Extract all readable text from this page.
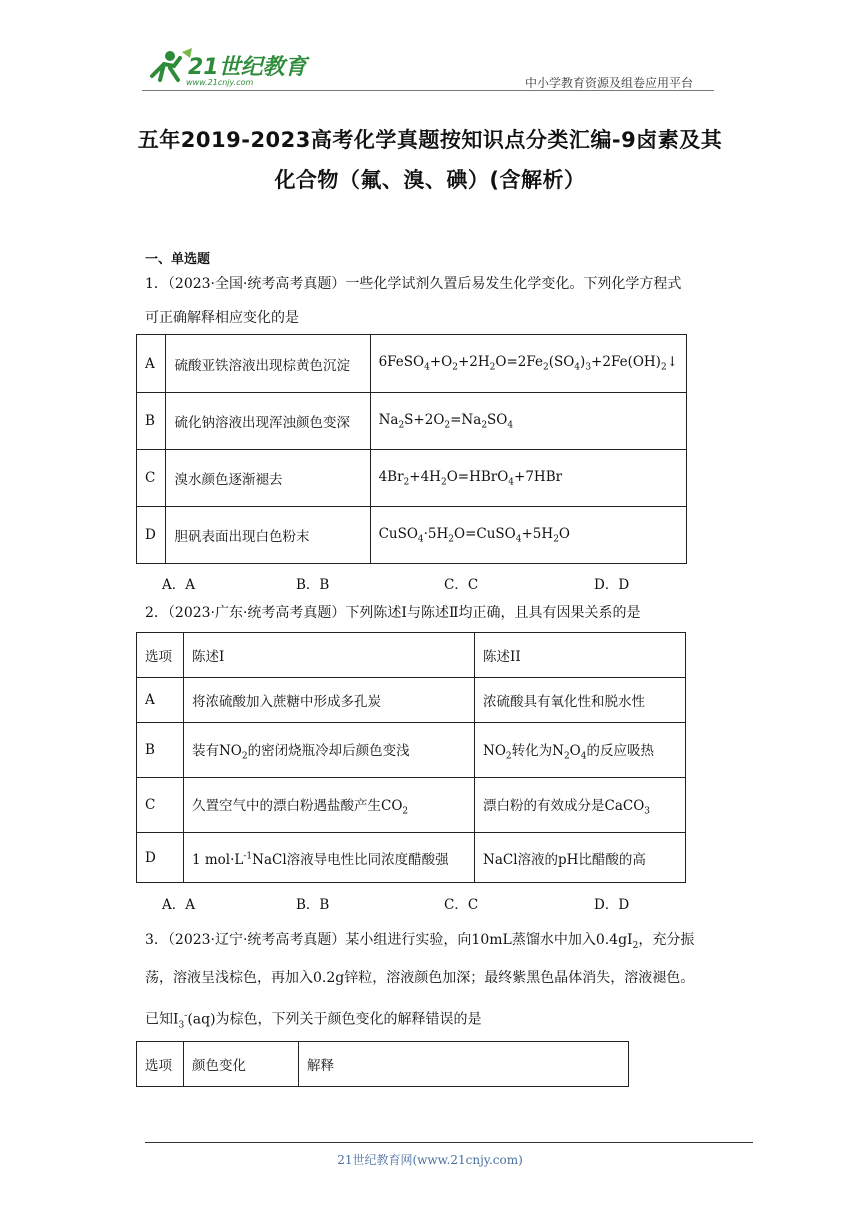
21世纪教育
www.21cnjy.com	中小学教育资源及组卷应用平台
五年2019-2023高考化学真题按知识点分类汇编-9卤素及其
化合物（氟、溴、碘）(含解析）
一、单选题
1．（2023·全国·统考高考真题）一些化学试剂久置后易发生化学变化。下列化学方程式
可正确解释相应变化的是
A	硫酸亚铁溶液出现棕黄色沉淀	$6FeSO_4+O_2+2H_2O=2Fe_2(SO_4)_3+2Fe(OH)_2↓$
B	硫化钠溶液出现浑浊颜色变深	$Na_2S+2O_2=Na_2SO_4$
C	溴水颜色逐渐褪去	$4Br_2+4H_2O=HBrO_4+7HBr$
D	胆矾表面出现白色粉末	$CuSO_4\cdot 5H_2O=CuSO_4+5H_2O$
A．A	B．B	C．C	D．D
2．（2023·广东·统考高考真题）下列陈述Ⅰ与陈述Ⅱ均正确，且具有因果关系的是
选项	陈述I	陈述II
A	将浓硫酸加入蔗糖中形成多孔炭	浓硫酸具有氧化性和脱水性
B	装有$NO_2$的密闭烧瓶冷却后颜色变浅	$NO_2$转化为$N_2O_4$的反应吸热
C	久置空气中的漂白粉遇盐酸产生$CO_2$	漂白粉的有效成分是CaCO$_3$
D	1 $mol\cdot L^{-1}NaCl$溶液导电性比同浓度醋酸强	NaCl溶液的pH比醋酸的高
A．A	B．B	C．C	D．D
3．（2023·辽宁·统考高考真题）某小组进行实验，向10mL蒸馏水中加入$0.4gI_2$，充分振
荡，溶液呈浅棕色，再加入0.2g锌粒，溶液颜色加深；最终紫黑色晶体消失，溶液褪色。
已知$I_3^-(aq)$为棕色，下列关于颜色变化的解释错误的是
选项	颜色变化	解释
21世纪教育网(www.21cnjy.com)
